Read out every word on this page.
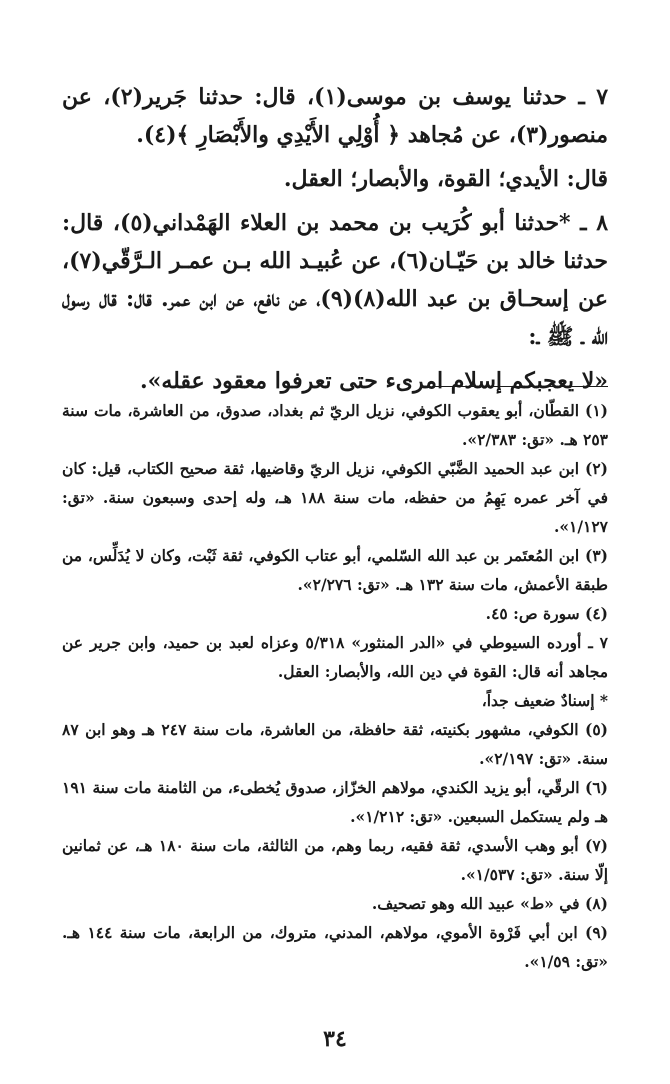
٧ ـ حدثنا يوسف بن موسى(١)، قال: حدثنا جَرير(٢)، عن منصور(٣)، عن مُجاهد ﴿ أُوْلِي الأَيْدِي والأَبْصَارِ ﴾(٤).

قال: الأيدي؛ القوة، والأبصار؛ العقل.

٨ ـ *حدثنا أبو كُرَيب بن محمد بن العلاء الهَمْداني(٥)، قال: حدثنا خالد بن حَيّـان(٦)، عن عُبيـد الله بـن عمـر الـرَّقّي(٧)، عن إسحـاق بن عبد الله(٨)(٩)، عن نافع، عن ابن عمر. قال: قال رسول الله ـ ﷺ ـ:

«لا يعجبكم إسلام امرىء حتى تعرفوا معقود عقله».

(١) القطّان، أبو يعقوب الكوفي، نزيل الريّ ثم بغداد، صدوق، من العاشرة، مات سنة ٢٥٣ هـ. «تق: ٢/٣٨٣».

(٢) ابن عبد الحميد الضَّبّي الكوفي، نزيل الريّ وقاضيها، ثقة صحيح الكتاب، قيل: كان في آخر عمره يَهِمُ من حفظه، مات سنة ١٨٨ هـ، وله إحدى وسبعون سنة. «تق: ١/١٢٧».

(٣) ابن المُعتَمر بن عبد الله السّلمي، أبو عتاب الكوفي، ثقة ثَبْت، وكان لا يُدَلِّس، من طبقة الأعمش، مات سنة ١٣٢ هـ. «تق: ٢/٢٧٦».

(٤) سورة ص: ٤٥.

٧ ـ أورده السيوطي في «الدر المنثور» ٥/٣١٨ وعزاه لعبد بن حميد، وابن جرير عن مجاهد أنه قال: القوة في دين الله، والأبصار: العقل.

* إسنادٌ ضعيف جداً،

(٥) الكوفي، مشهور بكنيته، ثقة حافظة، من العاشرة، مات سنة ٢٤٧ هـ وهو ابن ٨٧ سنة. «تق: ٢/١٩٧».

(٦) الرقّي، أبو يزيد الكندي، مولاهم الخزّاز، صدوق يُخطىء، من الثامنة مات سنة ١٩١ هـ ولم يستكمل السبعين. «تق: ١/٢١٢».

(٧) أبو وهب الأسدي، ثقة فقيه، ربما وهم، من الثالثة، مات سنة ١٨٠ هـ، عن ثمانين إلّا سنة. «تق: ١/٥٣٧».

(٨) في «ط» عبيد الله وهو تصحيف.

(٩) ابن أبي فَرْوة الأموي، مولاهم، المدني، متروك، من الرابعة، مات سنة ١٤٤ هـ. «تق: ١/٥٩».

٣٤
